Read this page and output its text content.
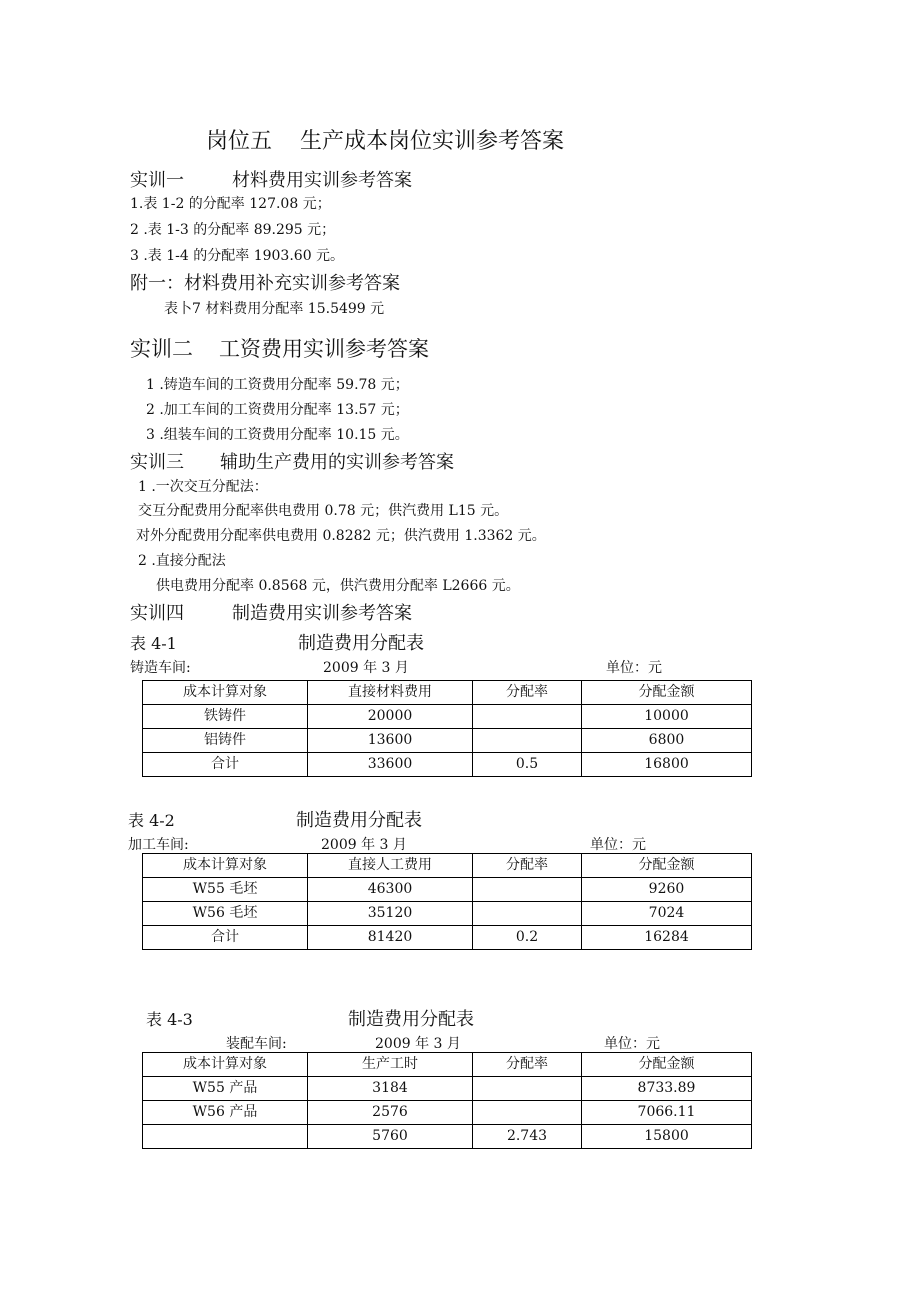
岗位五 生产成本岗位实训参考答案
实训一	材料费用实训参考答案
1.表 1-2 的分配率 127.08 元；
2 .表 1-3 的分配率 89.295 元；
3 .表 1-4 的分配率 1903.60 元。
附一：材料费用补充实训参考答案
表卜7 材料费用分配率 15.5499 元
实训二 工资费用实训参考答案
1 .铸造车间的工资费用分配率 59.78 元；
2 .加工车间的工资费用分配率 13.57 元；
3 .组装车间的工资费用分配率 10.15 元。
实训三 辅助生产费用的实训参考答案
1 .一次交互分配法：
交互分配费用分配率供电费用 0.78 元；供汽费用 L15 元。
对外分配费用分配率供电费用 0.8282 元；供汽费用 1.3362 元。
2 .直接分配法
供电费用分配率 0.8568 元，供汽费用分配率 L2666 元。
实训四	制造费用实训参考答案
表 4-1	制造费用分配表
铸造车间:	2009 年 3 月	单位：元
成本计算对象	直接材料费用	分配率	分配金额
铁铸件	20000		10000
铝铸件	13600		6800
合计	33600	0.5	16800
表 4-2	制造费用分配表
加工车间:	2009 年 3 月	单位：元
成本计算对象	直接人工费用	分配率	分配金额
W55 毛坯	46300		9260
W56 毛坯	35120		7024
合计	81420	0.2	16284
表 4-3	制造费用分配表
装配车间:	2009 年 3 月	单位：元
成本计算对象	生产工时	分配率	分配金额
W55 产品	3184		8733.89
W56 产品	2576		7066.11
	5760	2.743	15800
